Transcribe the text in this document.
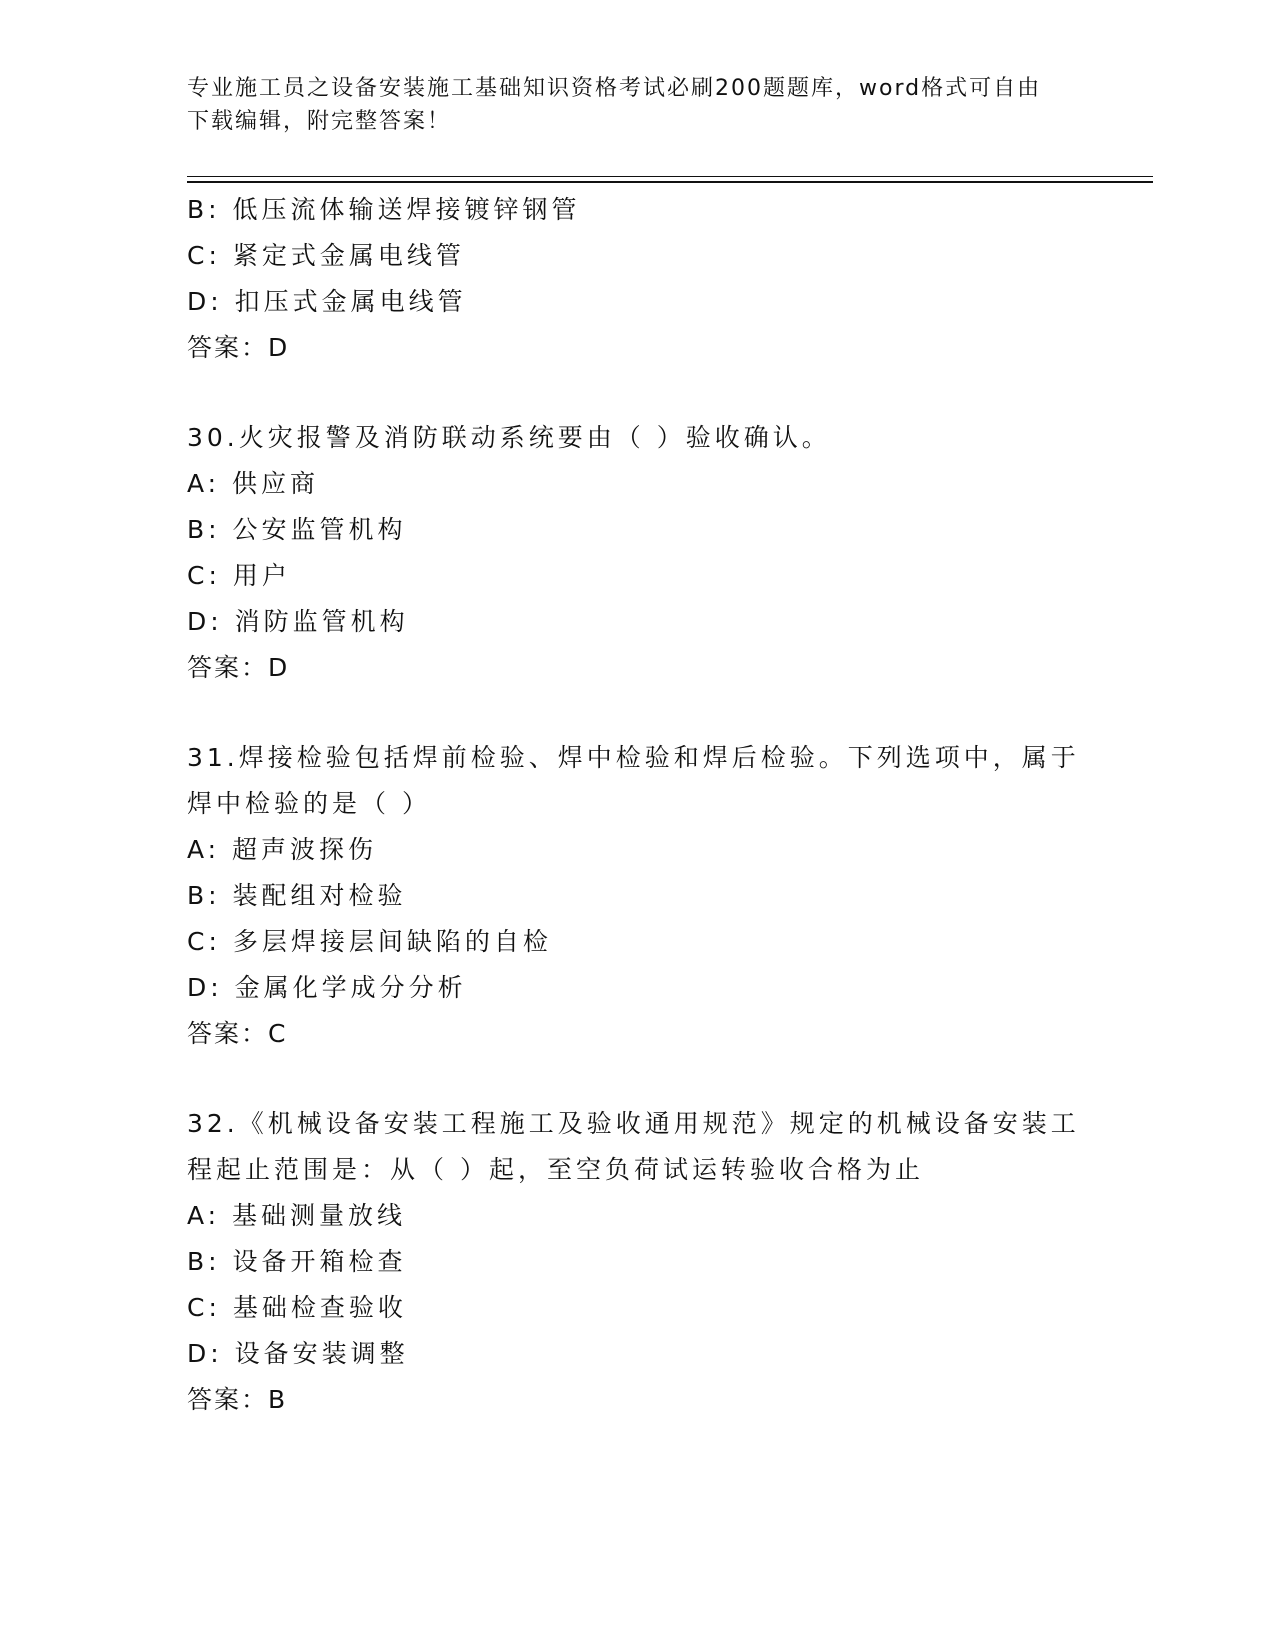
专业施工员之设备安装施工基础知识资格考试必刷200题题库，word格式可自由
下载编辑，附完整答案！
B: 低压流体输送焊接镀锌钢管
C: 紧定式金属电线管
D: 扣压式金属电线管
答案：D
30.火灾报警及消防联动系统要由（ ）验收确认。
A: 供应商
B: 公安监管机构
C: 用户
D: 消防监管机构
答案：D
31.焊接检验包括焊前检验、焊中检验和焊后检验。下列选项中，属于
焊中检验的是（ ）
A: 超声波探伤
B: 装配组对检验
C: 多层焊接层间缺陷的自检
D: 金属化学成分分析
答案：C
32.《机械设备安装工程施工及验收通用规范》规定的机械设备安装工
程起止范围是：从（ ）起，至空负荷试运转验收合格为止
A: 基础测量放线
B: 设备开箱检查
C: 基础检查验收
D: 设备安装调整
答案：B
